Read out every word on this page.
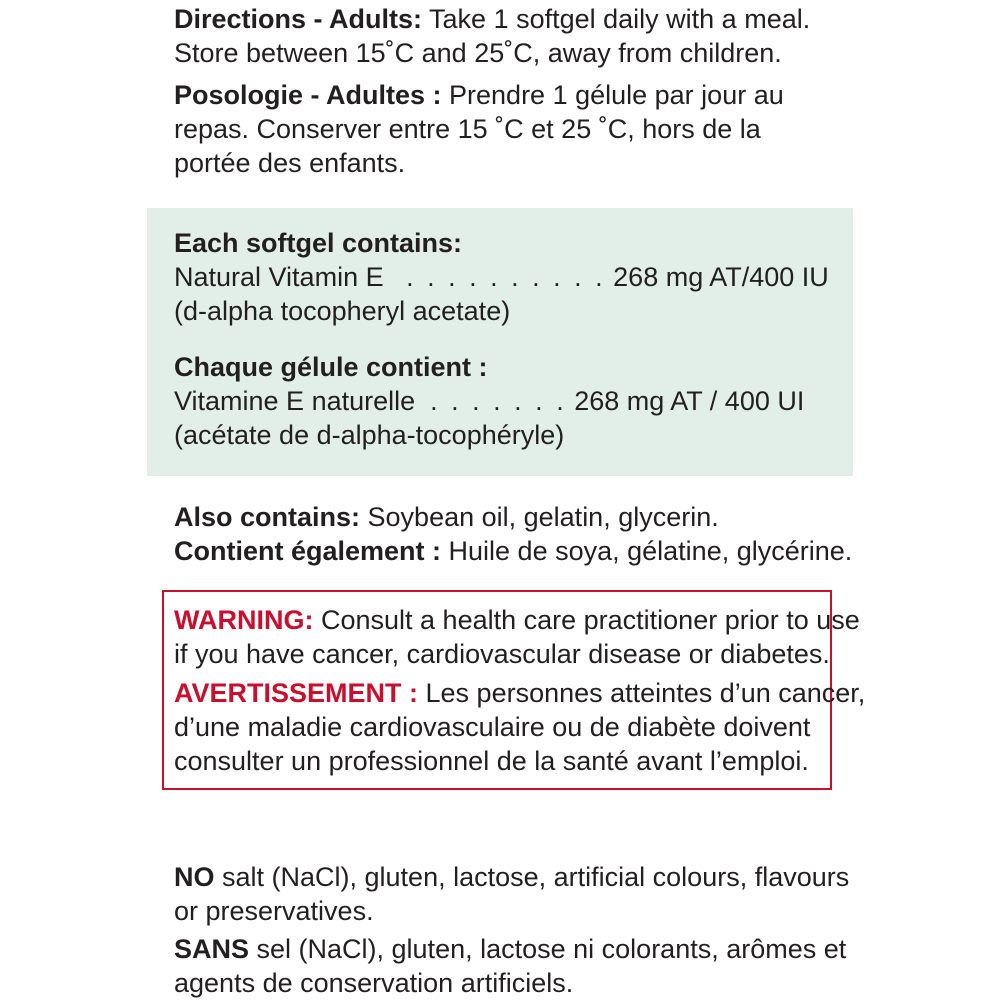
Directions - Adults: Take 1 softgel daily with a meal.
Store between 15˚C and 25˚C, away from children.
Posologie - Adultes : Prendre 1 gélule par jour au
repas. Conserver entre 15 ˚C et 25 ˚C, hors de la
portée des enfants.
Each softgel contains:
Natural Vitamin E . . . . . . . . . . 268 mg AT/400 IU
(d-alpha tocopheryl acetate)
Chaque gélule contient :
Vitamine E naturelle . . . . . . . 268 mg AT / 400 UI
(acétate de d-alpha-tocophéryle)
Also contains: Soybean oil, gelatin, glycerin.
Contient également : Huile de soya, gélatine, glycérine.
WARNING: Consult a health care practitioner prior to use
if you have cancer, cardiovascular disease or diabetes.
AVERTISSEMENT : Les personnes atteintes d’un cancer,
d’une maladie cardiovasculaire ou de diabète doivent
consulter un professionnel de la santé avant l’emploi.
NO salt (NaCl), gluten, lactose, artificial colours, flavours
or preservatives.
SANS sel (NaCl), gluten, lactose ni colorants, arômes et
agents de conservation artificiels.
